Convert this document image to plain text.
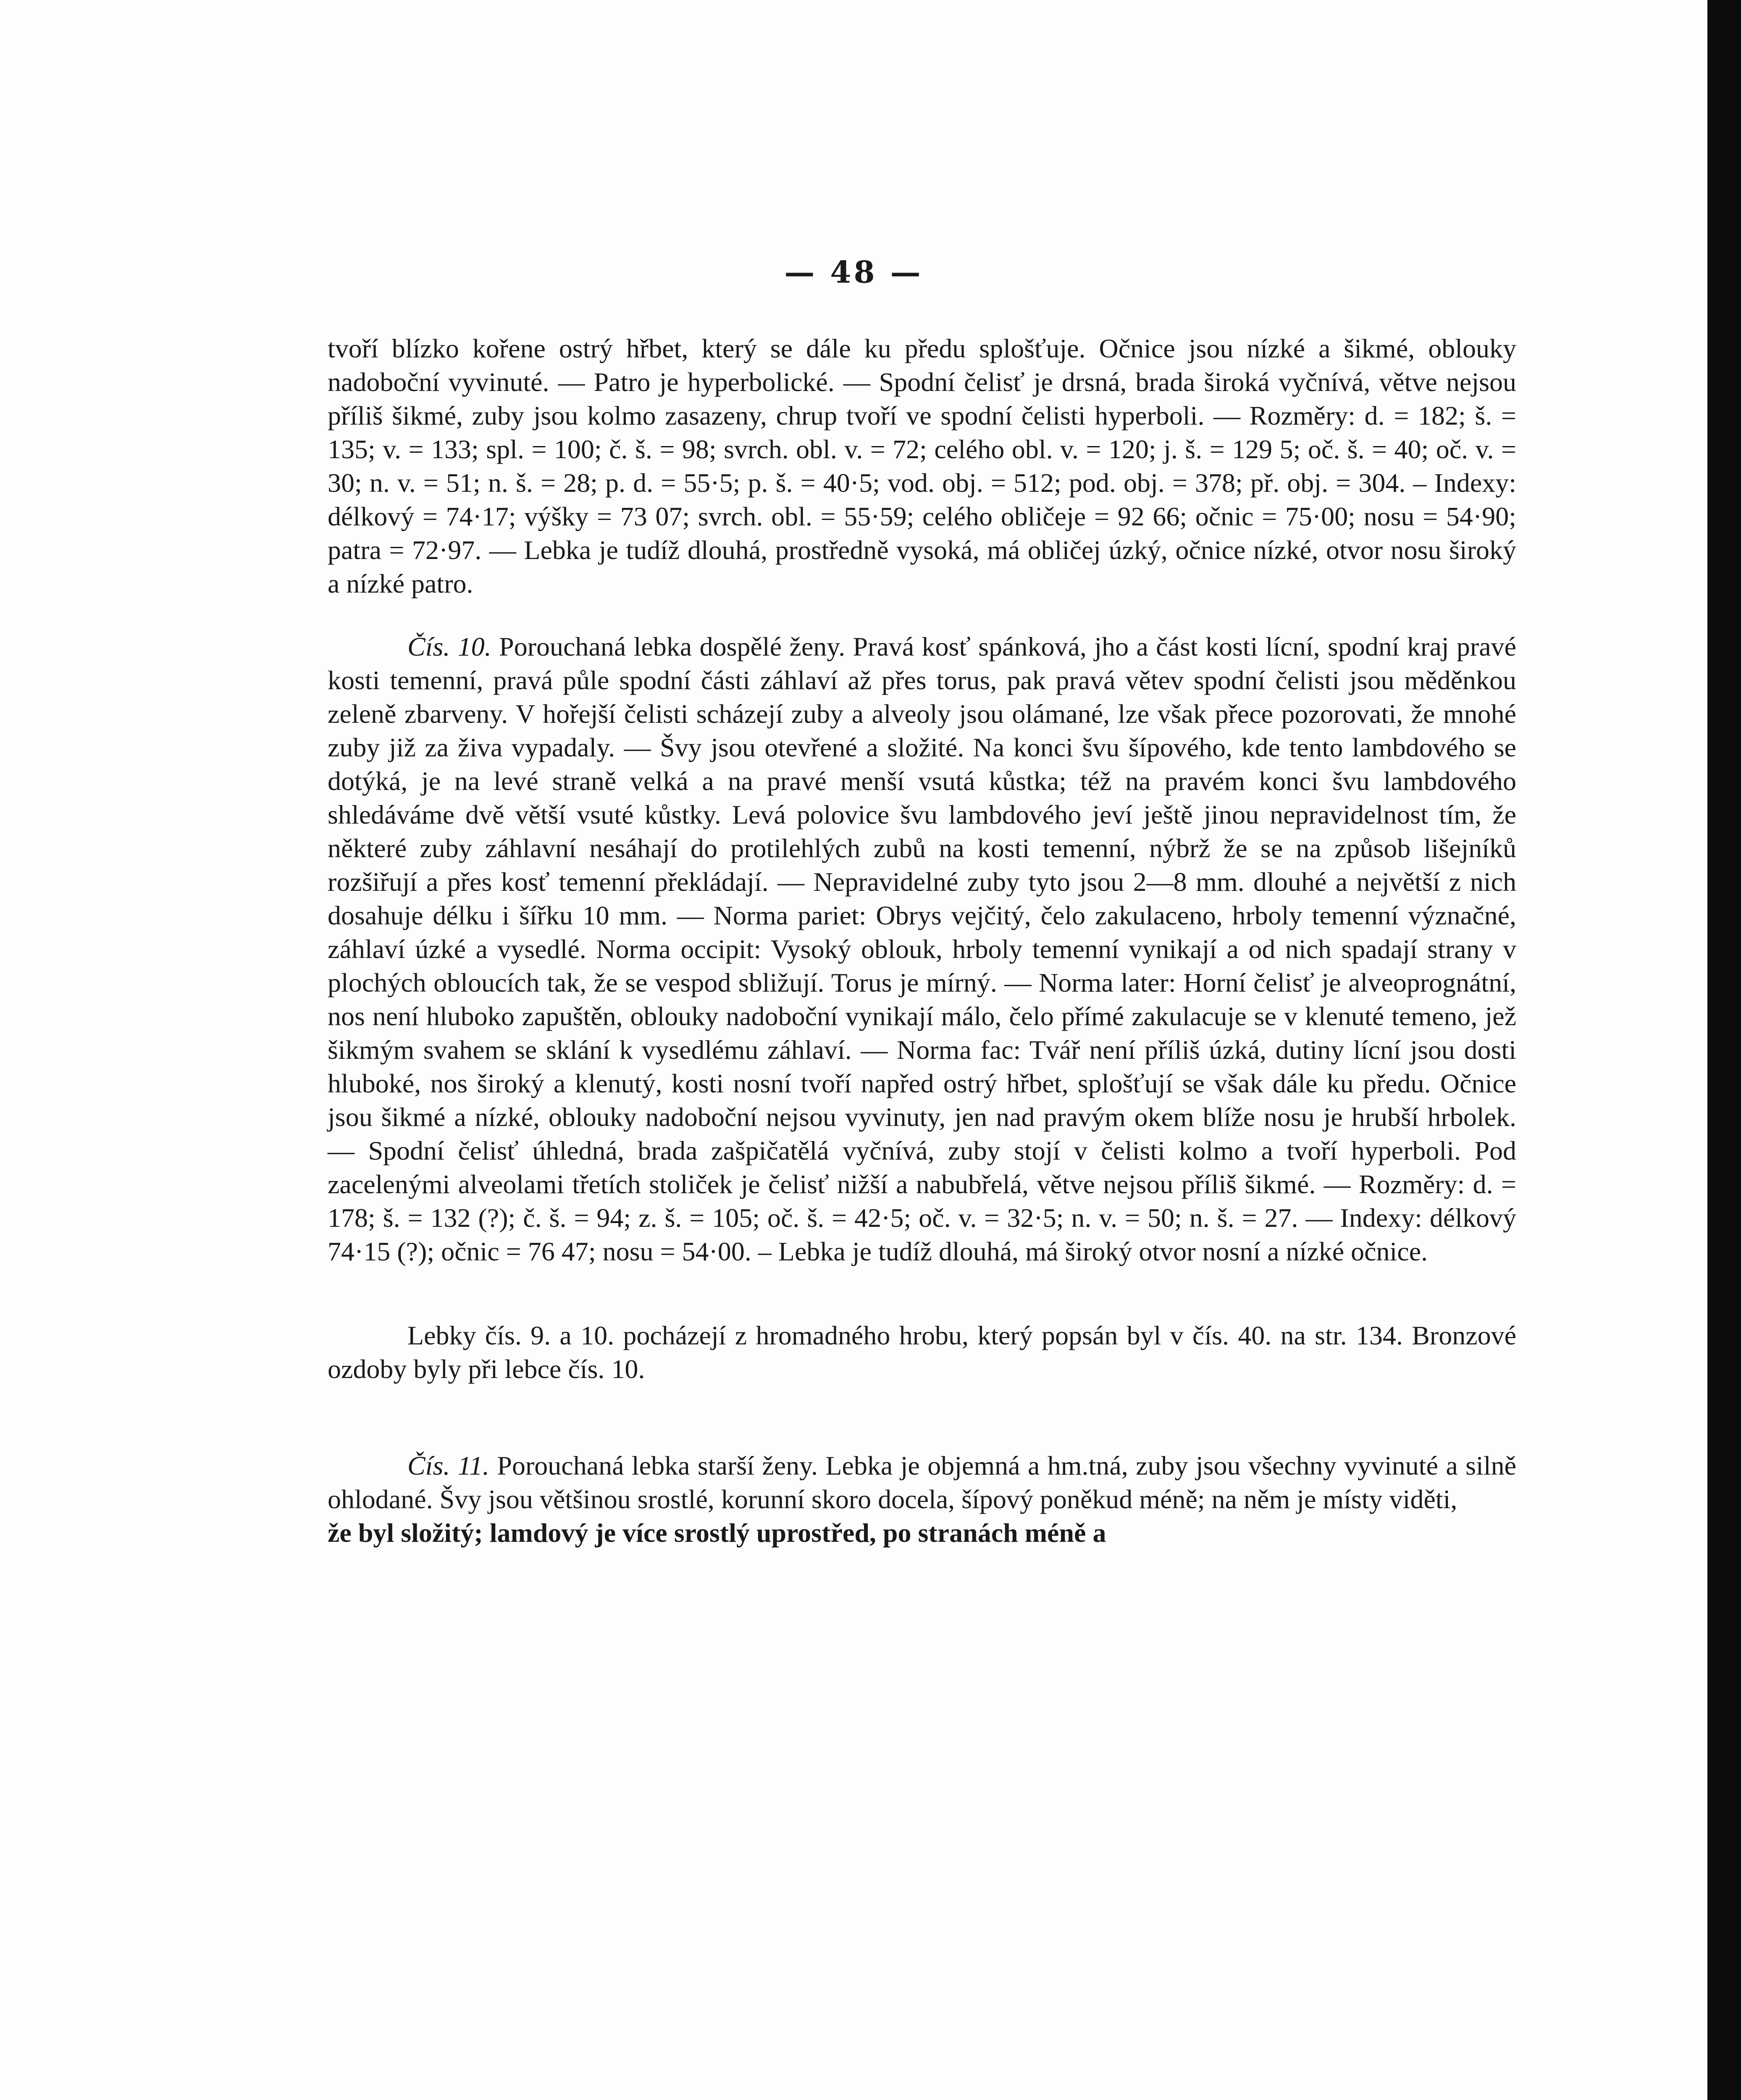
— 48 —

tvoří blízko kořene ostrý hřbet, který se dále ku předu splošťuje. Očnice jsou nízké a šikmé, oblouky nadoboční vyvinuté. — Patro je hyperbolické. — Spodní čelisť je drsná, brada široká vyčnívá, větve nejsou příliš šikmé, zuby jsou kolmo zasazeny, chrup tvoří ve spodní čelisti hyperboli. — Rozměry: d. = 182; š. = 135; v. = 133; spl. = 100; č. š. = 98; svrch. obl. v. = 72; celého obl. v. = 120; j. š. = 129 5; oč. š. = 40; oč. v. = 30; n. v. = 51; n. š. = 28; p. d. = 55·5; p. š. = 40·5; vod. obj. = 512; pod. obj. = 378; př. obj. = 304. – Indexy: délkový = 74·17; výšky = 73 07; svrch. obl. = 55·59; celého obličeje = 92 66; očnic = 75·00; nosu = 54·90; patra = 72·97. — Lebka je tudíž dlouhá, prostředně vysoká, má obličej úzký, očnice nízké, otvor nosu široký a nízké patro.

Čís. 10. Porouchaná lebka dospělé ženy. Pravá kosť spánková, jho a část kosti lícní, spodní kraj pravé kosti temenní, pravá půle spodní části záhlaví až přes torus, pak pravá větev spodní čelisti jsou měděnkou zeleně zbarveny. V hořejší čelisti scházejí zuby a alveoly jsou olámané, lze však přece pozorovati, že mnohé zuby již za živa vypadaly. — Švy jsou otevřené a složité. Na konci švu šípového, kde tento lambdového se dotýká, je na levé straně velká a na pravé menší vsutá kůstka; též na pravém konci švu lambdového shledáváme dvě větší vsuté kůstky. Levá polovice švu lambdového jeví ještě jinou nepravidelnost tím, že některé zuby záhlavní nesáhají do protilehlých zubů na kosti temenní, nýbrž že se na způsob lišejníků rozšiřují a přes kosť temenní překládají. — Nepravidelné zuby tyto jsou 2—8 mm. dlouhé a největší z nich dosahuje délku i šířku 10 mm. — Norma pariet: Obrys vejčitý, čelo zakulaceno, hrboly temenní význačné, záhlaví úzké a vysedlé. Norma occipit: Vysoký oblouk, hrboly temenní vynikají a od nich spadají strany v plochých obloucích tak, že se vespod sbližují. Torus je mírný. — Norma later: Horní čelisť je alveoprognátní, nos není hluboko zapuštěn, oblouky nadoboční vynikají málo, čelo přímé zakulacuje se v klenuté temeno, jež šikmým svahem se sklání k vysedlému záhlaví. — Norma fac: Tvář není příliš úzká, dutiny lícní jsou dosti hluboké, nos široký a klenutý, kosti nosní tvoří napřed ostrý hřbet, splošťují se však dále ku předu. Očnice jsou šikmé a nízké, oblouky nadoboční nejsou vyvinuty, jen nad pravým okem blíže nosu je hrubší hrbolek. — Spodní čelisť úhledná, brada zašpičatělá vyčnívá, zuby stojí v čelisti kolmo a tvoří hyperboli. Pod zacelenými alveolami třetích stoliček je čelisť nižší a nabubřelá, větve nejsou příliš šikmé. — Rozměry: d. = 178; š. = 132 (?); č. š. = 94; z. š. = 105; oč. š. = 42·5; oč. v. = 32·5; n. v. = 50; n. š. = 27. — Indexy: délkový 74·15 (?); očnic = 76 47; nosu = 54·00. – Lebka je tudíž dlouhá, má široký otvor nosní a nízké očnice.

Lebky čís. 9. a 10. pocházejí z hromadného hrobu, který popsán byl v čís. 40. na str. 134. Bronzové ozdoby byly při lebce čís. 10.

Čís. 11. Porouchaná lebka starší ženy. Lebka je objemná a hm.tná, zuby jsou všechny vyvinuté a silně ohlodané. Švy jsou většinou srostlé, korunní skoro docela, šípový poněkud méně; na něm je místy viděti,

že byl složitý; lamdový je více srostlý uprostřed, po stranách méně a
